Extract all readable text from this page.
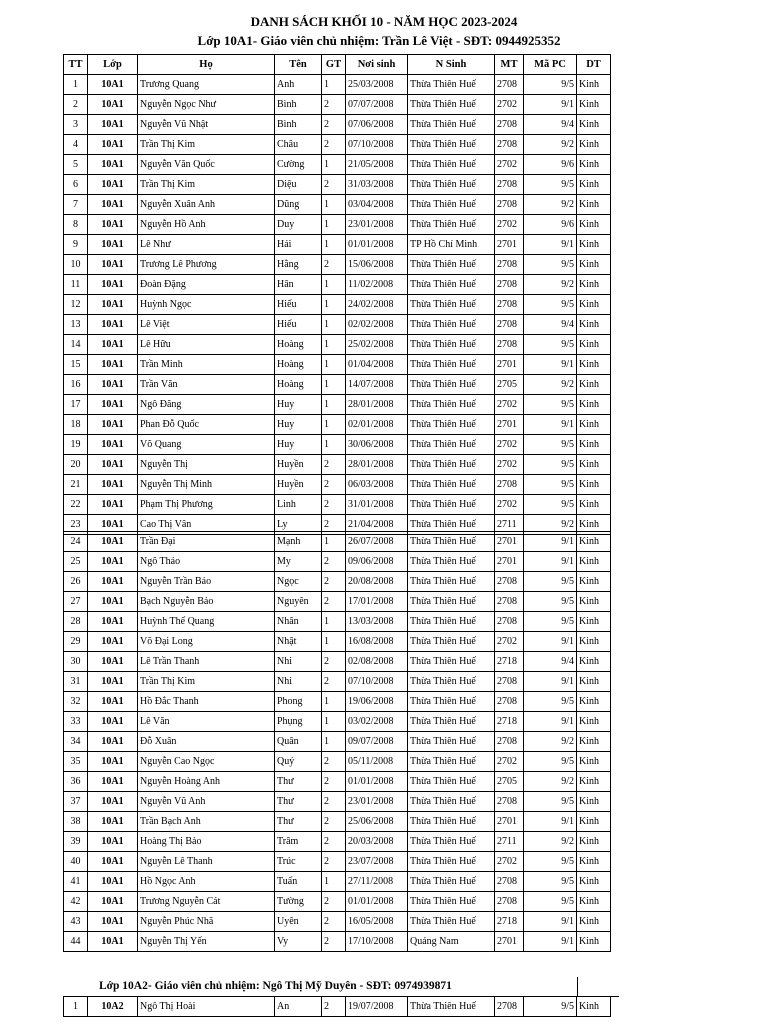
DANH SÁCH KHỐI 10 - NĂM HỌC 2023-2024
Lớp 10A1- Giáo viên chủ nhiệm: Trần Lê Việt - SĐT: 0944925352
TT	Lớp	Họ	Tên	GT	Nơi sinh	N Sinh	MT	Mã PC	DT
1	10A1	Trương Quang	Anh	1	25/03/2008	Thừa Thiên Huế	2708	9/5	Kinh
2	10A1	Nguyễn Ngọc Như	Bình	2	07/07/2008	Thừa Thiên Huế	2702	9/1	Kinh
3	10A1	Nguyễn Vũ Nhật	Bình	2	07/06/2008	Thừa Thiên Huế	2708	9/4	Kinh
4	10A1	Trần Thị Kim	Châu	2	07/10/2008	Thừa Thiên Huế	2708	9/2	Kinh
5	10A1	Nguyễn Văn Quốc	Cường	1	21/05/2008	Thừa Thiên Huế	2702	9/6	Kinh
6	10A1	Trần Thị Kim	Diệu	2	31/03/2008	Thừa Thiên Huế	2708	9/5	Kinh
7	10A1	Nguyễn Xuân Anh	Dũng	1	03/04/2008	Thừa Thiên Huế	2708	9/2	Kinh
8	10A1	Nguyễn Hồ Anh	Duy	1	23/01/2008	Thừa Thiên Huế	2702	9/6	Kinh
9	10A1	Lê Như	Hải	1	01/01/2008	TP Hồ Chí Minh	2701	9/1	Kinh
10	10A1	Trương Lê Phương	Hằng	2	15/06/2008	Thừa Thiên Huế	2708	9/5	Kinh
11	10A1	Đoàn Đặng	Hân	1	11/02/2008	Thừa Thiên Huế	2708	9/2	Kinh
12	10A1	Huỳnh Ngọc	Hiếu	1	24/02/2008	Thừa Thiên Huế	2708	9/5	Kinh
13	10A1	Lê Việt	Hiếu	1	02/02/2008	Thừa Thiên Huế	2708	9/4	Kinh
14	10A1	Lê Hữu	Hoàng	1	25/02/2008	Thừa Thiên Huế	2708	9/5	Kinh
15	10A1	Trần Minh	Hoàng	1	01/04/2008	Thừa Thiên Huế	2701	9/1	Kinh
16	10A1	Trần Văn	Hoàng	1	14/07/2008	Thừa Thiên Huế	2705	9/2	Kinh
17	10A1	Ngô Đăng	Huy	1	28/01/2008	Thừa Thiên Huế	2702	9/5	Kinh
18	10A1	Phan Đỗ Quốc	Huy	1	02/01/2008	Thừa Thiên Huế	2701	9/1	Kinh
19	10A1	Võ Quang	Huy	1	30/06/2008	Thừa Thiên Huế	2702	9/5	Kinh
20	10A1	Nguyễn Thị	Huyền	2	28/01/2008	Thừa Thiên Huế	2702	9/5	Kinh
21	10A1	Nguyễn Thị Minh	Huyền	2	06/03/2008	Thừa Thiên Huế	2708	9/5	Kinh
22	10A1	Phạm Thị Phương	Linh	2	31/01/2008	Thừa Thiên Huế	2702	9/5	Kinh
23	10A1	Cao Thị Vân	Ly	2	21/04/2008	Thừa Thiên Huế	2711	9/2	Kinh
24	10A1	Trần Đại	Mạnh	1	26/07/2008	Thừa Thiên Huế	2701	9/1	Kinh
25	10A1	Ngô Thảo	My	2	09/06/2008	Thừa Thiên Huế	2701	9/1	Kinh
26	10A1	Nguyễn Trần Bảo	Ngọc	2	20/08/2008	Thừa Thiên Huế	2708	9/5	Kinh
27	10A1	Bạch Nguyễn Bảo	Nguyên	2	17/01/2008	Thừa Thiên Huế	2708	9/5	Kinh
28	10A1	Huỳnh Thế Quang	Nhân	1	13/03/2008	Thừa Thiên Huế	2708	9/5	Kinh
29	10A1	Võ Đại Long	Nhật	1	16/08/2008	Thừa Thiên Huế	2702	9/1	Kinh
30	10A1	Lê Trần Thanh	Nhi	2	02/08/2008	Thừa Thiên Huế	2718	9/4	Kinh
31	10A1	Trần Thị Kim	Nhi	2	07/10/2008	Thừa Thiên Huế	2708	9/1	Kinh
32	10A1	Hồ Đắc Thanh	Phong	1	19/06/2008	Thừa Thiên Huế	2708	9/5	Kinh
33	10A1	Lê Văn	Phụng	1	03/02/2008	Thừa Thiên Huế	2718	9/1	Kinh
34	10A1	Đỗ Xuân	Quân	1	09/07/2008	Thừa Thiên Huế	2708	9/2	Kinh
35	10A1	Nguyễn Cao Ngọc	Quý	2	05/11/2008	Thừa Thiên Huế	2702	9/5	Kinh
36	10A1	Nguyễn Hoàng Anh	Thư	2	01/01/2008	Thừa Thiên Huế	2705	9/2	Kinh
37	10A1	Nguyễn Vũ Anh	Thư	2	23/01/2008	Thừa Thiên Huế	2708	9/5	Kinh
38	10A1	Trần Bạch Anh	Thư	2	25/06/2008	Thừa Thiên Huế	2701	9/1	Kinh
39	10A1	Hoàng Thị Bảo	Trâm	2	20/03/2008	Thừa Thiên Huế	2711	9/2	Kinh
40	10A1	Nguyễn Lê Thanh	Trúc	2	23/07/2008	Thừa Thiên Huế	2702	9/5	Kinh
41	10A1	Hồ Ngọc Anh	Tuấn	1	27/11/2008	Thừa Thiên Huế	2708	9/5	Kinh
42	10A1	Trương Nguyễn Cát	Tường	2	01/01/2008	Thừa Thiên Huế	2708	9/5	Kinh
43	10A1	Nguyễn Phúc Nhã	Uyên	2	16/05/2008	Thừa Thiên Huế	2718	9/1	Kinh
44	10A1	Nguyễn Thị Yến	Vy	2	17/10/2008	Quảng Nam	2701	9/1	Kinh
Lớp 10A2- Giáo viên chủ nhiệm: Ngô Thị Mỹ Duyên - SĐT: 0974939871
1	10A2	Ngô Thị Hoài	An	2	19/07/2008	Thừa Thiên Huế	2708	9/5	Kinh
